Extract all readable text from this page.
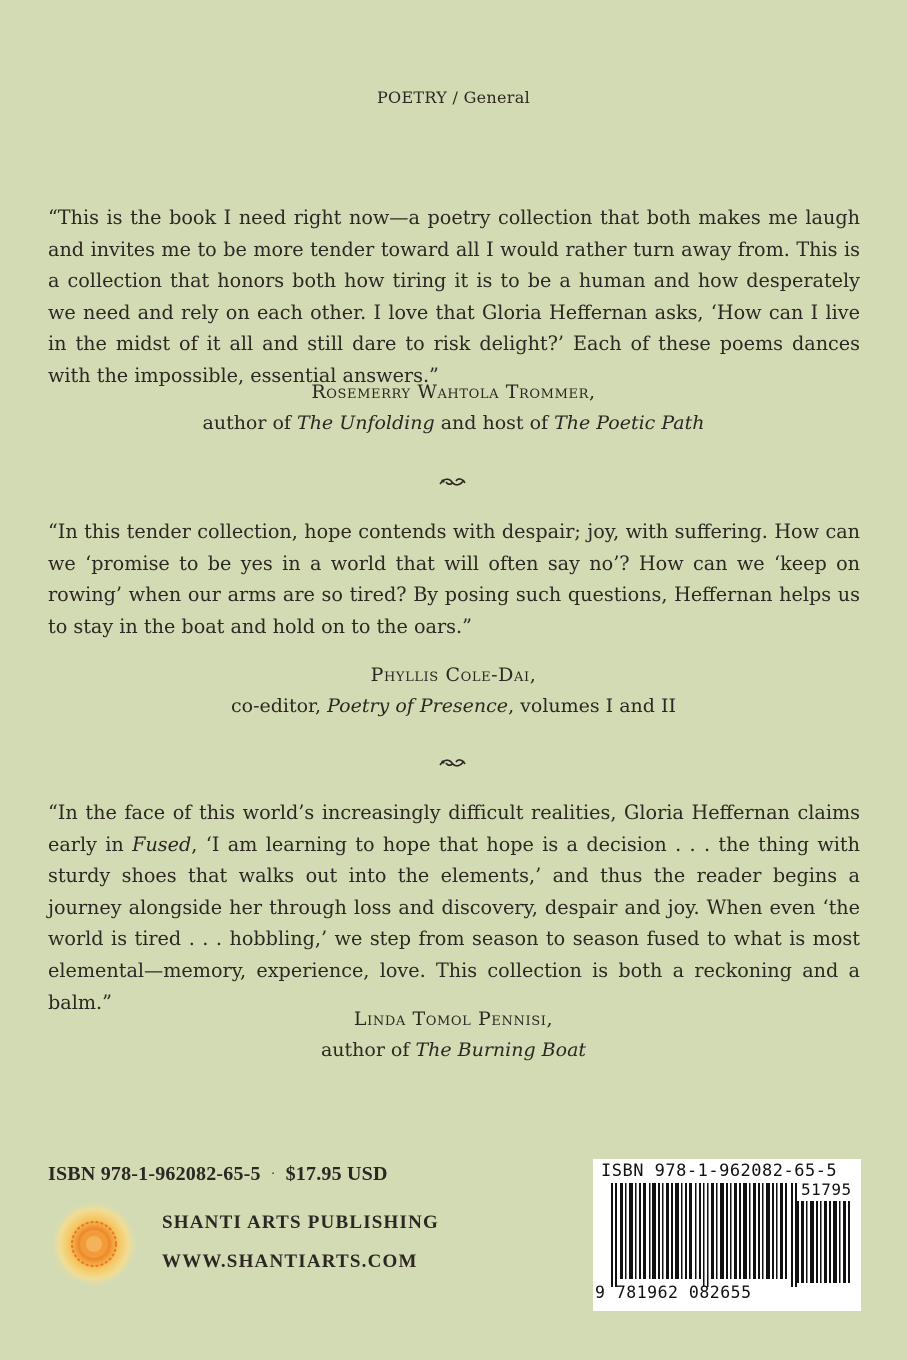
POETRY / General
“This is the book I need right now—a poetry collection that both makes me laugh and invites me to be more tender toward all I would rather turn away from. This is a collection that honors both how tiring it is to be a human and how desperately we need and rely on each other. I love that Gloria Heffernan asks, ‘How can I live in the midst of it all and still dare to risk delight?’ Each of these poems dances with the impossible, essential answers.”
Rosemerry Wahtola Trommer,
author of The Unfolding and host of The Poetic Path
“In this tender collection, hope contends with despair; joy, with suffering. How can we ‘promise to be yes in a world that will often say no’? How can we ‘keep on rowing’ when our arms are so tired? By posing such questions, Heffernan helps us to stay in the boat and hold on to the oars.”
Phyllis Cole-Dai,
co-editor, Poetry of Presence, volumes I and II
“In the face of this world’s increasingly difficult realities, Gloria Heffernan claims early in Fused, ‘I am learning to hope that hope is a decision . . . the thing with sturdy shoes that walks out into the elements,’ and thus the reader begins a journey alongside her through loss and discovery, despair and joy. When even ‘the world is tired . . . hobbling,’ we step from season to season fused to what is most elemental—memory, experience, love. This collection is both a reckoning and a balm.”
Linda Tomol Pennisi,
author of The Burning Boat
ISBN 978-1-962082-65-5 · $17.95 USD
SHANTI ARTS PUBLISHING
WWW.SHANTIARTS.COM
ISBN 978-1-962082-65-5
51795
9 781962 082655
